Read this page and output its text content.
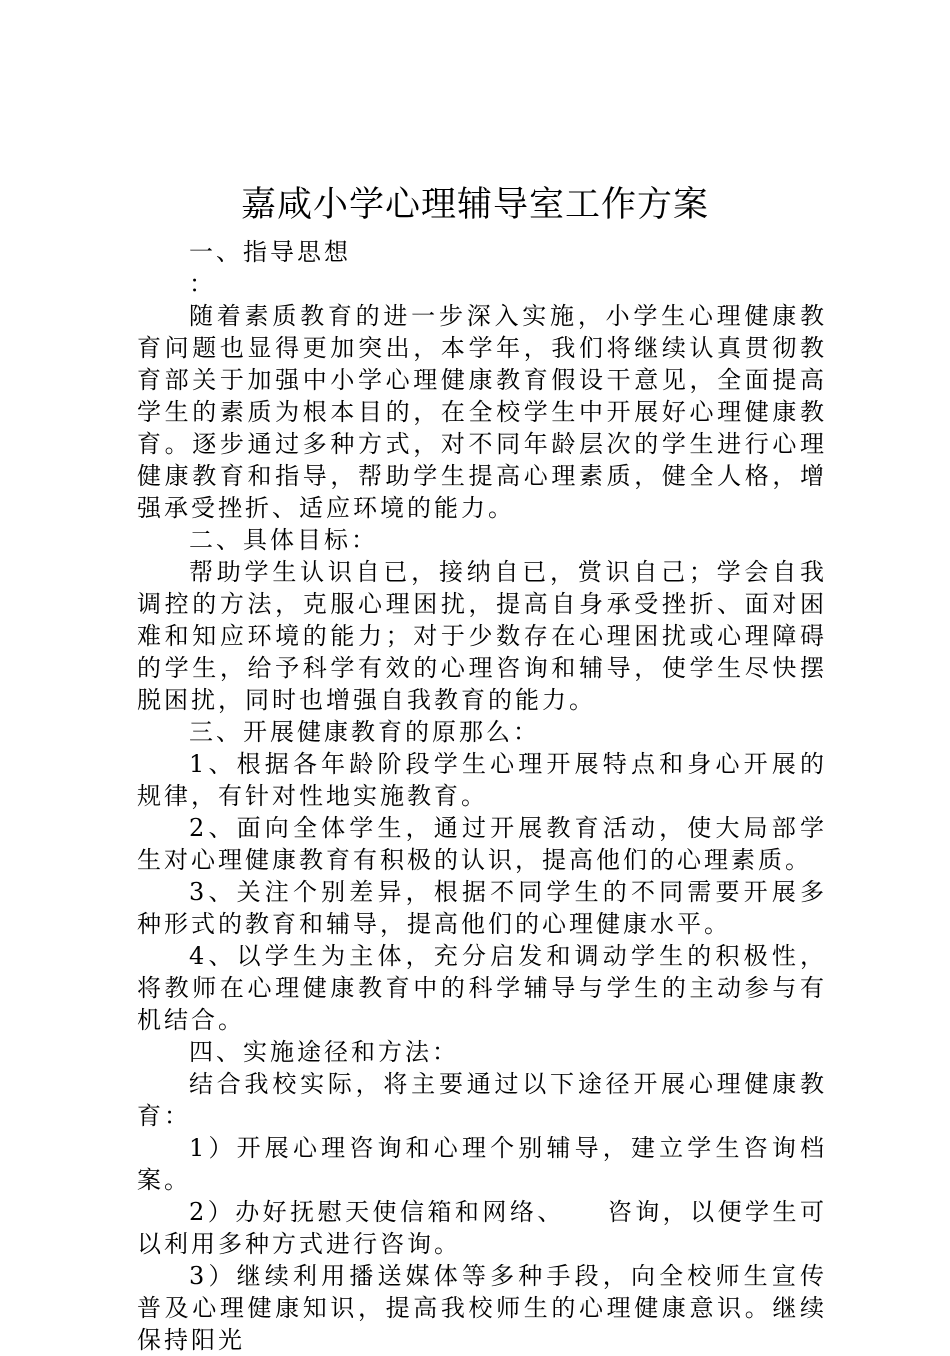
嘉咸小学心理辅导室工作方案

一、指导思想

：

随着素质教育的进一步深入实施，小学生心理健康教育问题也显得更加突出，本学年，我们将继续认真贯彻教育部关于加强中小学心理健康教育假设干意见，全面提高学生的素质为根本目的，在全校学生中开展好心理健康教育。逐步通过多种方式，对不同年龄层次的学生进行心理健康教育和指导，帮助学生提高心理素质，健全人格，增强承受挫折、适应环境的能力。

二、具体目标：

帮助学生认识自已，接纳自已，赏识自己；学会自我调控的方法，克服心理困扰，提高自身承受挫折、面对困难和知应环境的能力；对于少数存在心理困扰或心理障碍的学生，给予科学有效的心理咨询和辅导，使学生尽快摆脱困扰，同时也增强自我教育的能力。

三、开展健康教育的原那么：

1、根据各年龄阶段学生心理开展特点和身心开展的规律，有针对性地实施教育。

2、面向全体学生，通过开展教育活动，使大局部学生对心理健康教育有积极的认识，提高他们的心理素质。

3、关注个别差异，根据不同学生的不同需要开展多种形式的教育和辅导，提高他们的心理健康水平。

4、以学生为主体，充分启发和调动学生的积极性，将教师在心理健康教育中的科学辅导与学生的主动参与有机结合。

四、实施途径和方法：

结合我校实际，将主要通过以下途径开展心理健康教育：

1）开展心理咨询和心理个别辅导，建立学生咨询档案。

2）办好抚慰天使信箱和网络、　　咨询，以便学生可以利用多种方式进行咨询。

3）继续利用播送媒体等多种手段，向全校师生宣传普及心理健康知识，提高我校师生的心理健康意识。继续保持阳光
